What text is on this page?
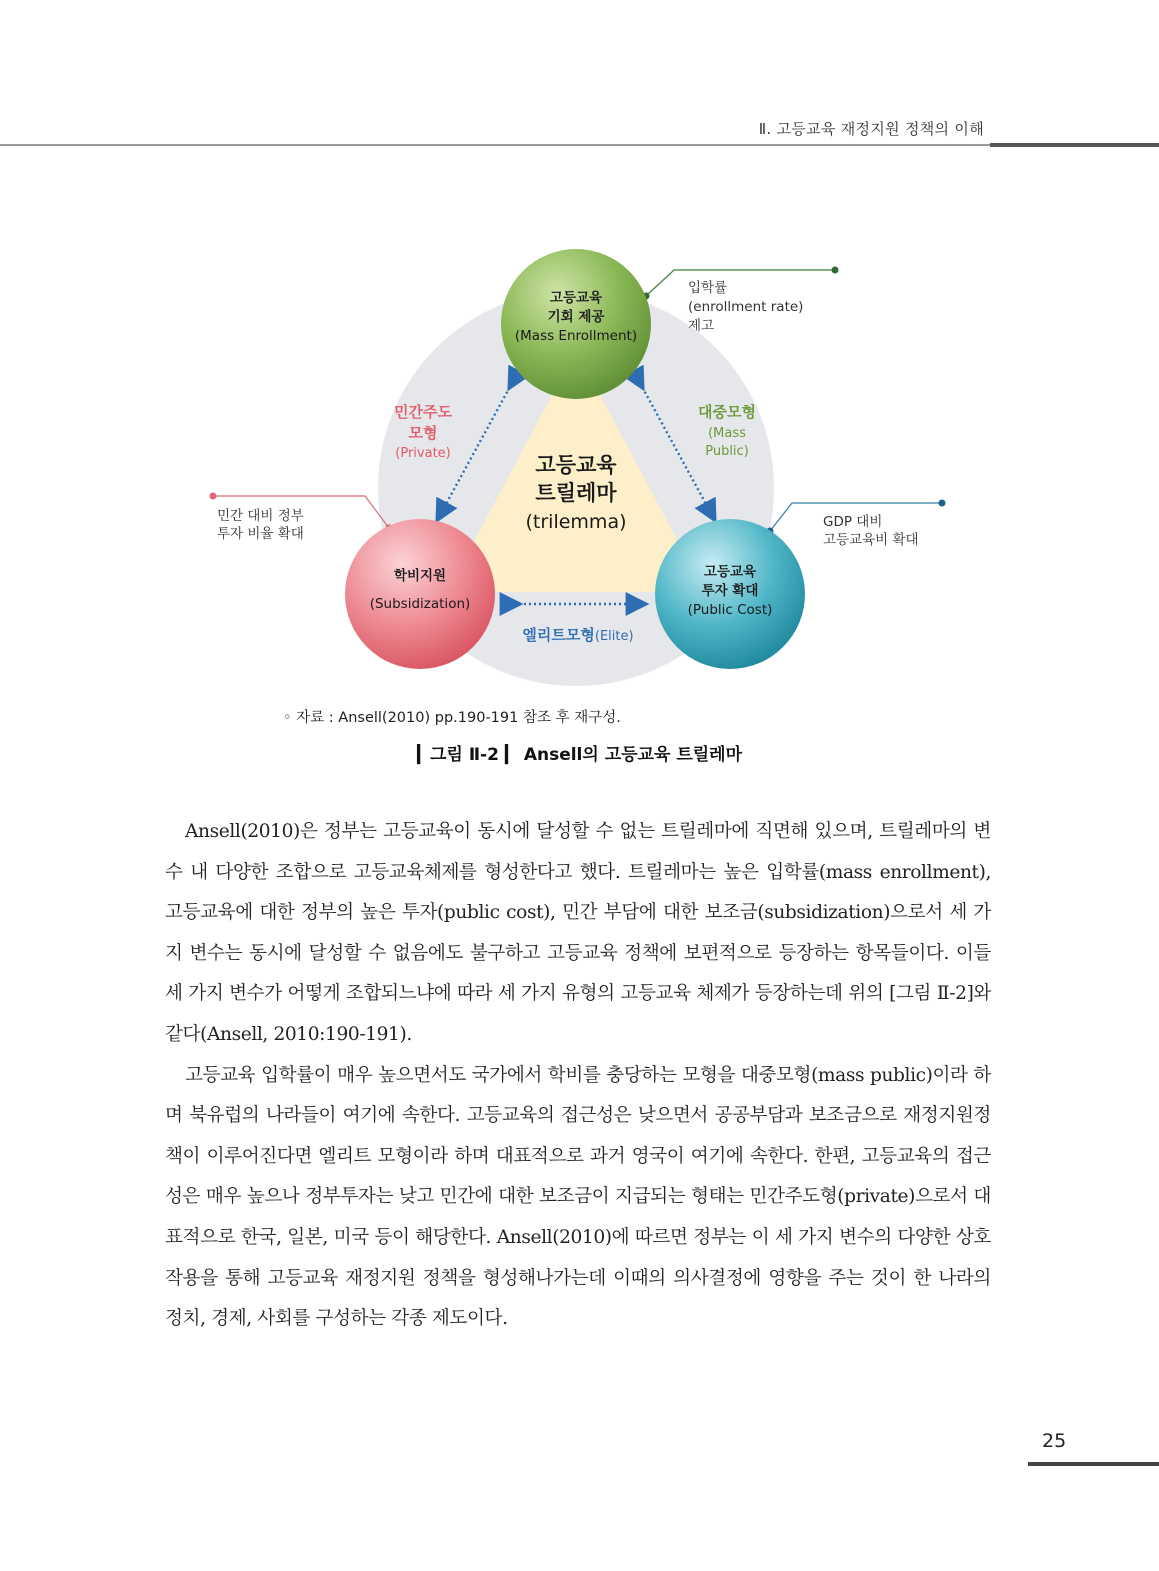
Ⅱ. 고등교육 재정지원 정책의 이해
고등교육
기회 제공
(Mass Enrollment)
학비지원
(Subsidization)
고등교육
투자 확대
(Public Cost)
고등교육
트릴레마
(trilemma)
민간주도
모형
(Private)
대중모형
(Mass
Public)
엘리트모형(Elite)
입학률
(enrollment rate)
제고
민간 대비 정부
투자 비율 확대
GDP 대비
고등교육비 확대
◦ 자료 : Ansell(2010) pp.190-191 참조 후 재구성.
▎그림 Ⅱ-2 ▎ Ansell의 고등교육 트릴레마

Ansell(2010)은 정부는 고등교육이 동시에 달성할 수 없는 트릴레마에 직면해 있으며, 트릴레마의 변수 내 다양한 조합으로 고등교육체제를 형성한다고 했다. 트릴레마는 높은 입학률(mass enrollment), 고등교육에 대한 정부의 높은 투자(public cost), 민간 부담에 대한 보조금(subsidization)으로서 세 가지 변수는 동시에 달성할 수 없음에도 불구하고 고등교육 정책에 보편적으로 등장하는 항목들이다. 이들 세 가지 변수가 어떻게 조합되느냐에 따라 세 가지 유형의 고등교육 체제가 등장하는데 위의 [그림 Ⅱ-2]와 같다(Ansell, 2010:190-191).

고등교육 입학률이 매우 높으면서도 국가에서 학비를 충당하는 모형을 대중모형(mass public)이라 하며 북유럽의 나라들이 여기에 속한다. 고등교육의 접근성은 낮으면서 공공부담과 보조금으로 재정지원정책이 이루어진다면 엘리트 모형이라 하며 대표적으로 과거 영국이 여기에 속한다. 한편, 고등교육의 접근성은 매우 높으나 정부투자는 낮고 민간에 대한 보조금이 지급되는 형태는 민간주도형(private)으로서 대표적으로 한국, 일본, 미국 등이 해당한다. Ansell(2010)에 따르면 정부는 이 세 가지 변수의 다양한 상호작용을 통해 고등교육 재정지원 정책을 형성해나가는데 이때의 의사결정에 영향을 주는 것이 한 나라의 정치, 경제, 사회를 구성하는 각종 제도이다.

25
